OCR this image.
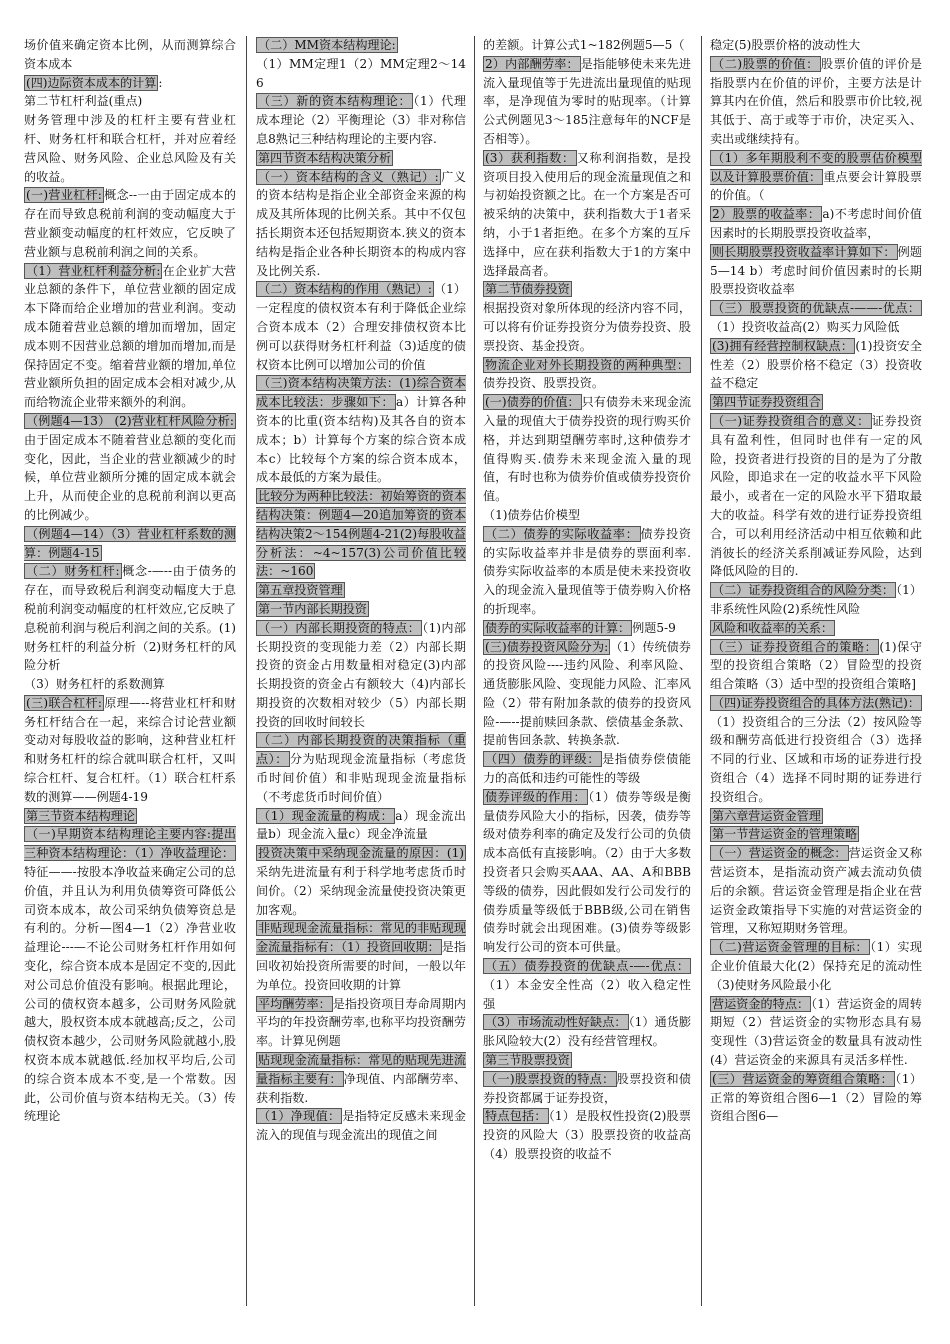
场价值来确定资本比例，从而测算综合资本成本
(四)边际资本成本的计算 :
第二节杠杆利益(重点)
财务管理中涉及的杠杆主要有营业杠杆、财务杠杆和联合杠杆，并对应着经营风险、财务风险、企业总风险及有关的收益。
(一)营业杠杆: 概念--一由于固定成本的存在而导致息税前利润的变动幅度大于营业额变动幅度的杠杆效应，它反映了营业额与息税前利润之间的关系。
（1）营业杠杆利益分析: 在企业扩大营业总额的条件下，单位营业额的固定成本下降而给企业增加的营业利润。变动成本随着营业总额的增加而增加，固定成本则不因营业总额的增加而增加,而是保持固定不变。缩着营业额的增加,单位营业额所负担的固定成本会相对减少,从而给物流企业带来额外的利润。
（例题4—13） (2)营业杠杆风险分析:由于固定成本不随着营业总额的变化而变化，因此，当企业的营业额减少的时候，单位营业额所分摊的固定成本就会上升，从而使企业的息税前利润以更高的比例减少。
（例题4—14）（3）营业杠杆系数的测算：例题4-15
（二）财务杠杆: 概念-—--由于债务的存在，而导致税后利润变动幅度大于息税前利润变动幅度的杠杆效应,它反映了息税前利润与税后利润之间的关系。(1)财务杠杆的利益分析（2)财务杠杆的风险分析
（3）财务杠杆的系数测算
(三)联合杠杆: 原理—--将营业杠杆和财务杠杆结合在一起，来综合讨论营业额变动对每股收益的影响，这种营业杠杆和财务杠杆的综合就叫联合杠杆，又叫综合杠杆、复合杠杆。（1）联合杠杆系数的测算——例题4-19
第三节资本结构理论
（一)早期资本结构理论主要内容:提出三种资本结构理论：（1）净收益理论：特征——-按股本净收益来确定公司的总价值，并且认为利用负债筹资可降低公司资本成本，故公司采纳负债筹资总是有利的。分析—图4—1（2）净营业收益理论---—不论公司财务杠杆作用如何变化，综合资本成本是固定不变的,因此对公司总价值没有影响。根据此理论，公司的债权资本越多，公司财务风险就越大，股权资本成本就越高;反之，公司债权资本越少，公司财务风险就越小,股权资本成本就越低.经加权平均后,公司的综合资本成本不变,是一个常数。因此，公司价值与资本结构无关。（3）传统理论
（二）MM资本结构理论:
（1）MM定理1（2）MM定理2～146
（三）新的资本结构理论： （1）代理成本理论（2）平衡理论（3）非对称信息8熟记三种结构理论的主要内容.
第四节资本结构决策分析
（一）资本结构的含义（熟记）: 广义的资本结构是指企业全部资金来源的构成及其所体现的比例关系。其中不仅包括长期资本还包括短期资本.狭义的资本结构是指企业各种长期资本的构成内容及比例关系.
（二）资本结构的作用（熟记）: （1）一定程度的债权资本有利于降低企业综合资本成本（2）合理安排债权资本比例可以获得财务杠杆利益（3)适度的债权资本比例可以增加公司的价值
（三)资本结构决策方法：(1)综合资本成本比较法：步骤如下： a）计算各种资本的比重(资本结构)及其各自的资本成本；b）计算每个方案的综合资本成本c）比较每个方案的综合资本成本，成本最低的方案为最佳。
比较分为两种比较法：初始筹资的资本结构决策：例题4—20追加筹资的资本结构决策2～154例题4-21(2)每股收益分析法：~4~157(3)公司价值比较法：~160
第五章投资管理
第一节内部长期投资
（一）内部长期投资的特点： （1)内部长期投资的变现能力差（2）内部长期投资的资金占用数量相对稳定(3)内部长期投资的资金占有额较大（4)内部长期投资的次数相对较少（5）内部长期投资的回收时间较长
（二）内部长期投资的决策指标（重点）： 分为贴现现金流量指标（考虑货币时间价值）和非贴现现金流量指标（不考虑货币时间价值）
（1）现金流量的构成： a）现金流出量b）现金流入量c）现金净流量
投资决策中采纳现金流量的原因：(1)采纳先进流量有利于科学地考虑货币时间价。（2）采纳现金流量使投资决策更加客观。
非贴现现金流量指标：常见的非贴现现金流量指标有：（1）投资回收期： 是指回收初始投资所需要的时间，一般以年为单位。投资回收期的计算
平均酬劳率： 是指投资项目寿命周期内平均的年投资酬劳率,也称平均投资酬劳率。计算见例题
贴现现金流量指标：常见的贴现先进流量指标主要有： 净现值、内部酬劳率、获利指数.
（1）净现值： 是指特定反感未来现金流入的现值与现金流出的现值之间
的差额。计算公式1~182例题5—5（
2）内部酬劳率： 是指能够使未来先进流入量现值等于先进流出量现值的贴现率，是净现值为零时的贴现率。（计算公式例题见3～185注意每年的NCF是否相等）。
(3）获利指数： 又称利润指数，是投资项目投入使用后的现金流量现值之和与初始投资额之比。在一个方案是否可被采纳的决策中，获利指数大于1者采纳，小于1者拒绝。在多个方案的互斥选择中，应在获利指数大于1的方案中选择最高者。
第二节债券投资
根据投资对象所体现的经济内容不同，可以将有价证券投资分为债券投资、股票投资、基金投资。
物流企业对外长期投资的两种典型：债券投资、股票投资。
(一)债券的价值： 只有债券未来现金流入量的现值大于债券投资的现行购买价格，并达到期望酬劳率时,这种债券才值得购买.债券未来现金流入量的现值，有时也称为债券价值或债券投资价值。
（1)债券估价模型
（二）债券的实际收益率： 债券投资的实际收益率并非是债券的票面利率.债券实际收益率的本质是使未来投资收入的现金流入量现值等于债券购入价格的折现率。
债券的实际收益率的计算： 例题5-9
(三)债券投资风险分为: （1）传统债券的投资风险----违约风险、利率风险、通货膨胀风险、变现能力风险、汇率风险（2）带有附加条款的债券的投资风险-—--提前赎回条款、偿债基金条款、提前售回条款、转换条款.
（四）债券的评级： 是指债券偿债能力的高低和违约可能性的等级
债券评级的作用： （1）债券等级是衡量债券风险大小的指标，因袭，债券等级对债券利率的确定及发行公司的负债成本高低有直接影响。（2）由于大多数投资者只会购买AAA、AA、A和BBB等级的债券，因此假如发行公司发行的债券质量等级低于BBB级,公司在销售债券时就会出现困难。(3)债券等级影响发行公司的资本可供量。
（五）债券投资的优缺点-—-优点：（1）本金安全性高（2）收入稳定性强
（3）市场流动性好缺点： （1）通货膨胀风险较大(2）没有经营管理权。
第三节股票投资
（一)股票投资的特点： 股票投资和债券投资都属于证券投资，
特点包括： （1）是股权性投资(2)股票投资的风险大（3）股票投资的收益高（4）股票投资的收益不
稳定(5)股票价格的波动性大
（二)股票的价值： 股票价值的评价是指股票内在价值的评价，主要方法是计算其内在价值，然后和股票市价比较,视其低于、高于或等于市价，决定买入、卖出或继续持有。
（1）多年期股利不变的股票估价模型以及计算股票价值： 重点要会计算股票的价值。（
2）股票的收益率： a)不考虑时间价值因素时的长期股票投资收益率，
则长期股票投资收益率计算如下： 例题5—14 b）考虑时间价值因素时的长期股票投资收益率
（三）股票投资的优缺点-——-优点：（1）投资收益高(2）购买力风险低
(3)拥有经营控制权缺点： (1)投资安全性差（2）股票价格不稳定（3）投资收益不稳定
第四节证券投资组合
（一)证券投资组合的意义： 证券投资具有盈利性，但同时也伴有一定的风险，投资者进行投资的目的是为了分散风险，即追求在一定的收益水平下风险最小，或者在一定的风险水平下猎取最大的收益。科学有效的进行证券投资组合，可以利用经济活动中相互依赖和此消彼长的经济关系削减证券风险，达到降低风险的目的.
（二）证券投资组合的风险分类： （1）非系统性风险(2)系统性风险
风险和收益率的关系：
（三）证券投资组合的策略： (1)保守型的投资组合策略（2）冒险型的投资组合策略（3）适中型的投资组合策略]
（四)证券投资组合的具体方法(熟记)：（1）投资组合的三分法（2）按风险等级和酬劳高低进行投资组合（3）选择不同的行业、区域和市场的证券进行投资组合（4）选择不同时期的证券进行投资组合。
第六章营运资金管理
第一节营运资金的管理策略
（一）营运资金的概念： 营运资金又称营运资本，是指流动资产减去流动负债后的余额。营运资金管理是指企业在营运资金政策指导下实施的对营运资金的管理，又称短期财务管理。
（二)营运资金管理的目标： （1）实现企业价值最大化(2）保持充足的流动性（3)使财务风险最小化
营运资金的特点： （1）营运资金的周转期短（2）营运资金的实物形态具有易变现性（3)营运资金的数量具有波动性(4）营运资金的来源具有灵活多样性.
(三）营运资金的筹资组合策略： （1）正常的筹资组合图6—1（2）冒险的筹资组合图6—
